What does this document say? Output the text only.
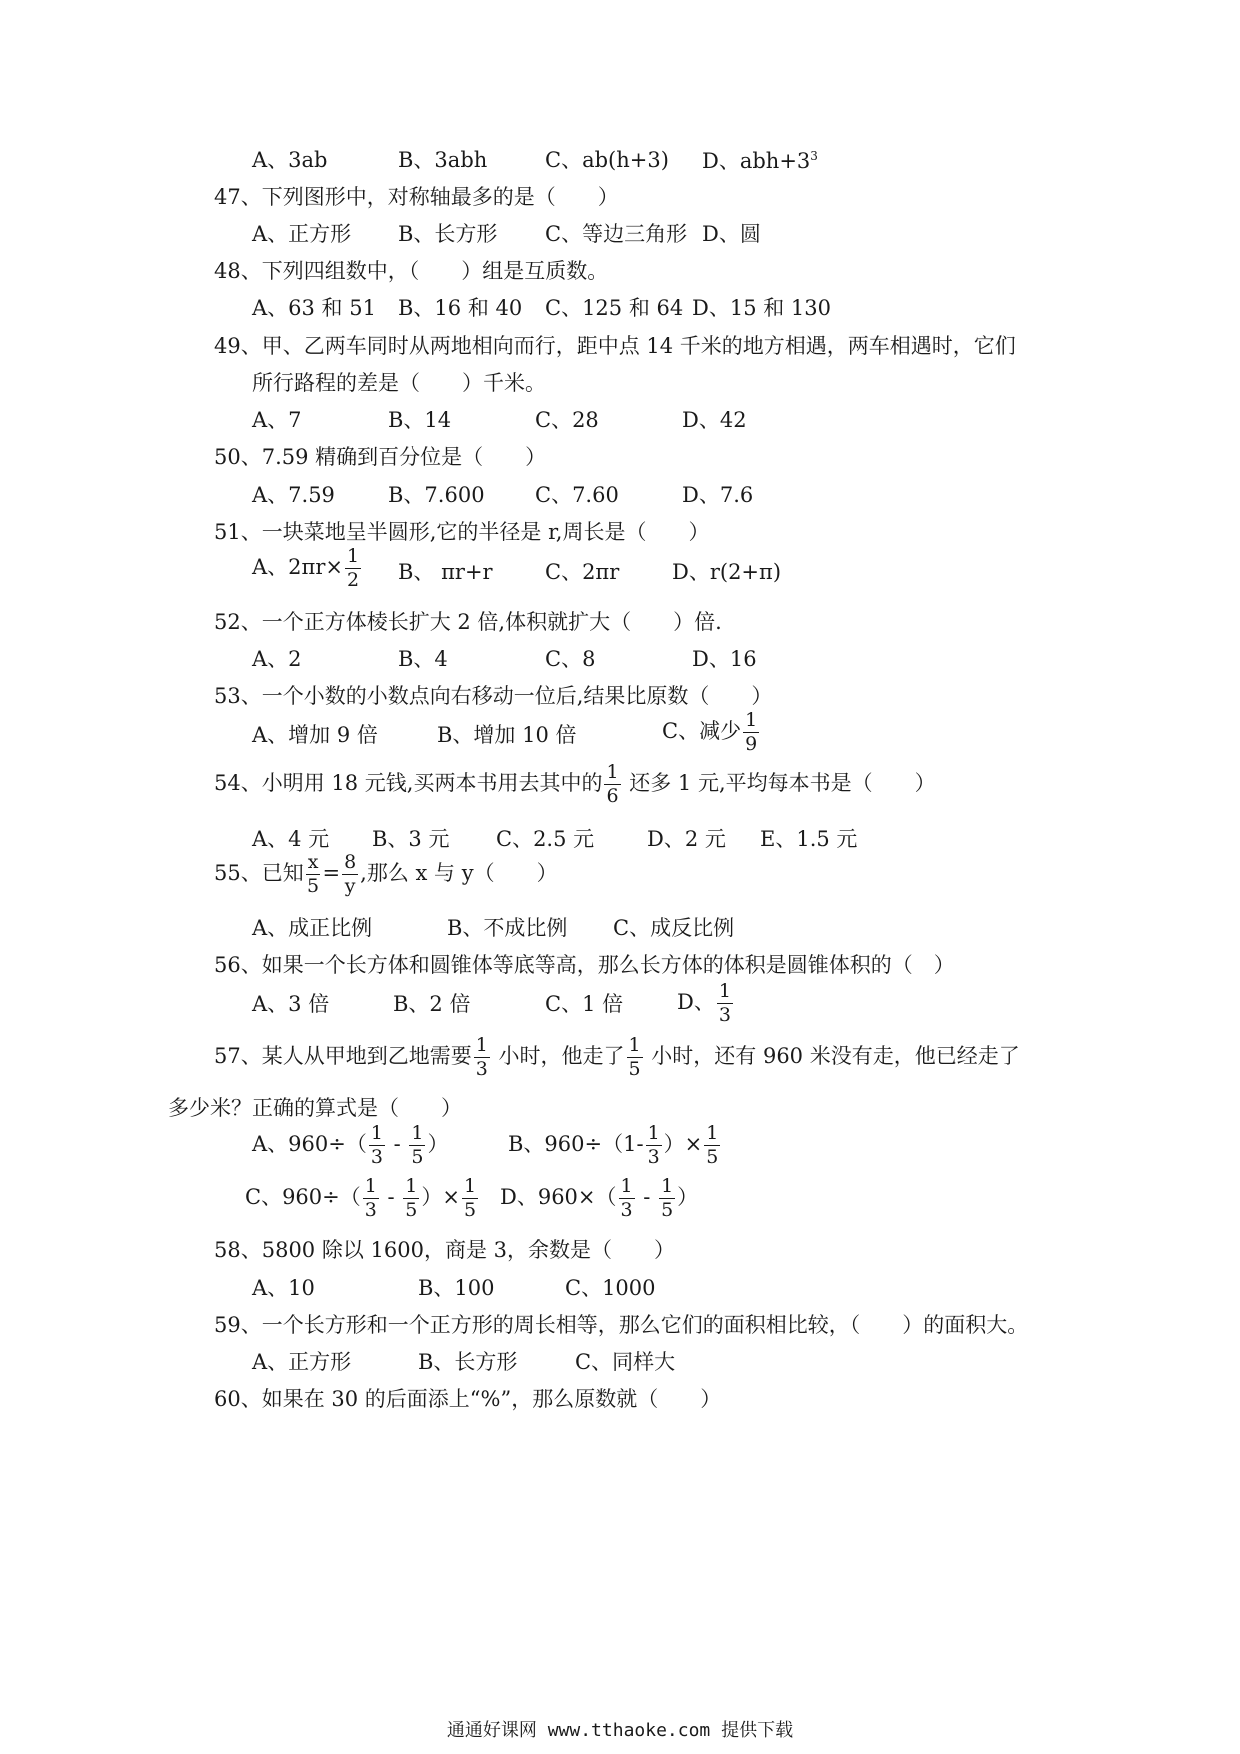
A、3ab	B、3abh	C、ab(h+3) D、$abh+3^3$
47、下列图形中，对称轴最多的是（　　）
A、正方形 B、长方形 C、等边三角形 D、圆
48、下列四组数中，（　　）组是互质数。
A、63 和 51 B、16 和 40 C、125 和 64 D、15 和 130
49、甲、乙两车同时从两地相向而行，距中点 14 千米的地方相遇，两车相遇时，它们
所行路程的差是（　　）千米。
A、7	B、14	C、28	D、42
50、7.59 精确到百分位是（　　）
A、7.59	B、7.600 C、7.60	D、7.6
51、一块菜地呈半圆形,它的半径是 r,周长是（　　）
A、$2\pi r\times \frac{1}{2}$ B、 πr+r C、2πr	D、r(2+π)
52、一个正方体棱长扩大 2 倍,体积就扩大（　　）倍.
A、2	B、4	C、8	D、16
53、一个小数的小数点向右移动一位后,结果比原数（　　）
A、增加 9 倍	B、增加 10 倍	C、减少 $\frac{1}{9}$
54、小明用 18 元钱,买两本书用去其中的 $\frac{1}{6}$ 还多 1 元,平均每本书是（　　）
A、4 元 B、3 元 C、2.5 元	D、2 元 E、1.5 元
55、已知 $\frac{x}{5} = \frac{8}{y}$ ,那么 x 与 y（　　）
A、成正比例	B、不成比例 C、成反比例
56、如果一个长方体和圆锥体等底等高，那么长方体的体积是圆锥体积的（　）
A、3 倍	B、2 倍	C、1 倍	D、 $\frac{1}{3}$
57、某人从甲地到乙地需要 $\frac{1}{3}$ 小时，他走了 $\frac{1}{5}$ 小时，还有 960 米没有走，他已经走了
多少米？正确的算式是（　　）
A、$960\div( \frac{1}{3} - \frac{1}{5}$ ）	B、$960\div(1- \frac{1}{3}$ ）× $\frac{1}{5}$
C、$960\div( \frac{1}{3} - \frac{1}{5}$ ）× $\frac{1}{5}$ D、$960\times( \frac{1}{3} - \frac{1}{5}$ ）
58、5800 除以 1600，商是 3，余数是（　　）
A、10	B、100	C、1000
59、一个长方形和一个正方形的周长相等，那么它们的面积相比较，（　　）的面积大。
A、正方形	B、长方形	C、同样大
60、如果在 30 的后面添上“%”，那么原数就（　　）
通通好课网 www.tthaoke.com 提供下载
